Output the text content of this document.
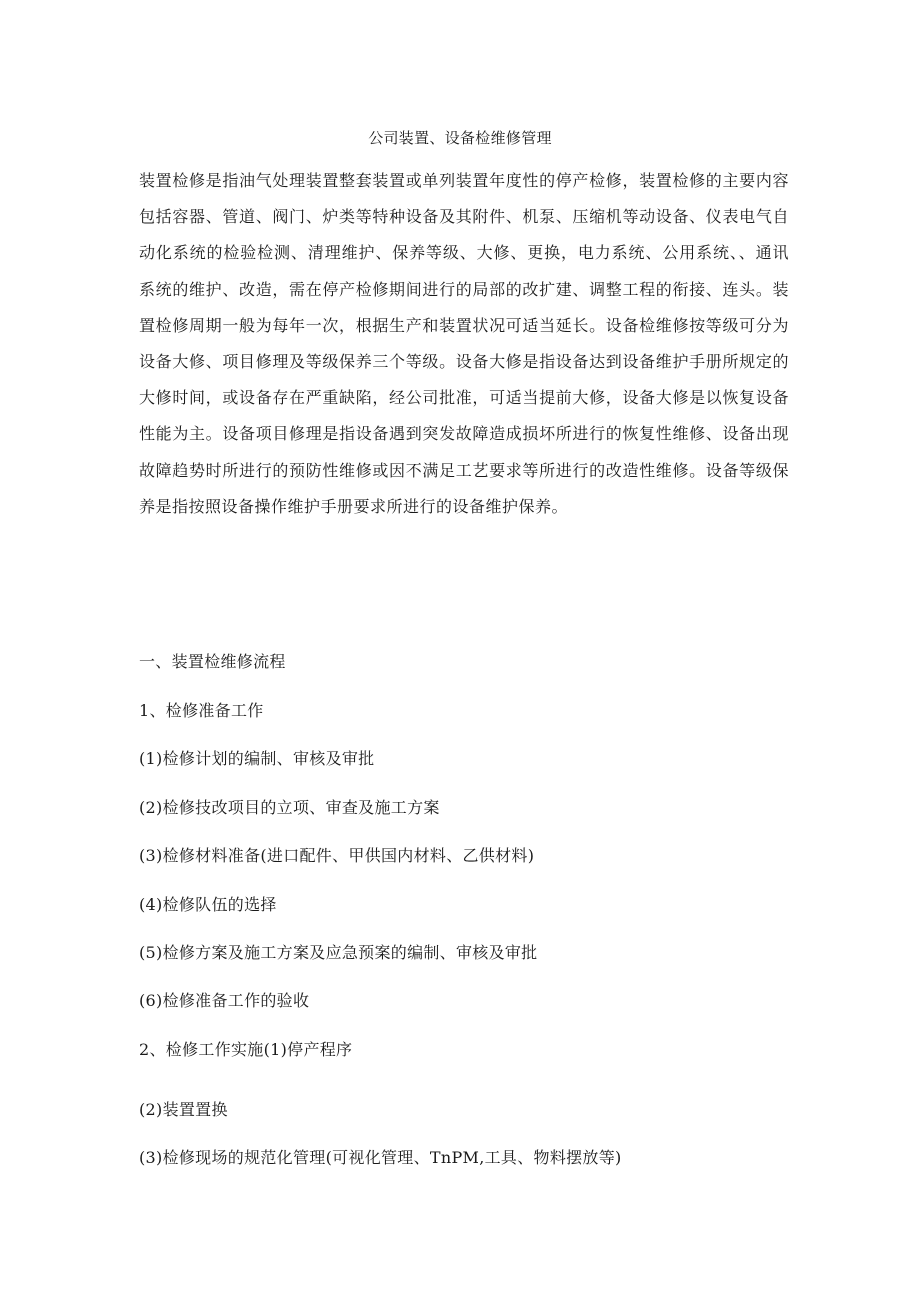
公司装置、设备检维修管理

装置检修是指油气处理装置整套装置或单列装置年度性的停产检修，装置检修的主要内容包括容器、管道、阀门、炉类等特种设备及其附件、机泵、压缩机等动设备、仪表电气自动化系统的检验检测、清理维护、保养等级、大修、更换，电力系统、公用系统、、通讯系统的维护、改造，需在停产检修期间进行的局部的改扩建、调整工程的衔接、连头。装置检修周期一般为每年一次，根据生产和装置状况可适当延长。设备检维修按等级可分为设备大修、项目修理及等级保养三个等级。设备大修是指设备达到设备维护手册所规定的大修时间，或设备存在严重缺陷，经公司批准，可适当提前大修，设备大修是以恢复设备性能为主。设备项目修理是指设备遇到突发故障造成损坏所进行的恢复性维修、设备出现故障趋势时所进行的预防性维修或因不满足工艺要求等所进行的改造性维修。设备等级保养是指按照设备操作维护手册要求所进行的设备维护保养。

一、装置检维修流程

1、检修准备工作

(1)检修计划的编制、审核及审批

(2)检修技改项目的立项、审查及施工方案

(3)检修材料准备(进口配件、甲供国内材料、乙供材料)

(4)检修队伍的选择

(5)检修方案及施工方案及应急预案的编制、审核及审批

(6)检修准备工作的验收

2、检修工作实施(1)停产程序

(2)装置置换

(3)检修现场的规范化管理(可视化管理、TnPM,工具、物料摆放等)
